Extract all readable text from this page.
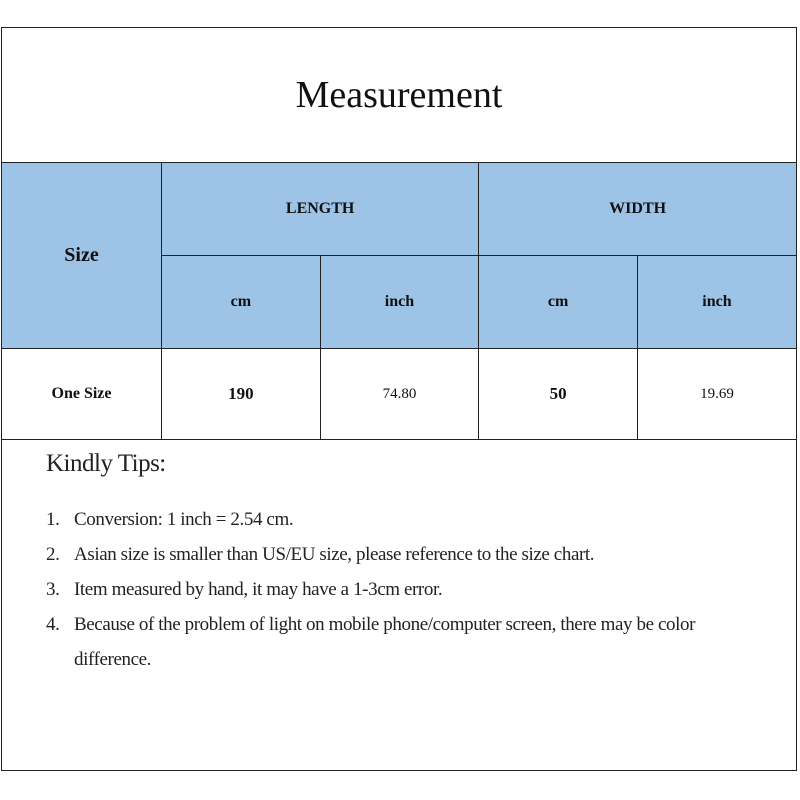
Measurement
Size	LENGTH		WIDTH	
	cm	inch	cm	inch
One Size	190	74.80	50	19.69
Kindly Tips:
1. Conversion: 1 inch = 2.54 cm.
2. Asian size is smaller than US/EU size, please reference to the size chart.
3. Item measured by hand, it may have a 1-3cm error.
4. Because of the problem of light on mobile phone/computer screen, there may be color difference.
